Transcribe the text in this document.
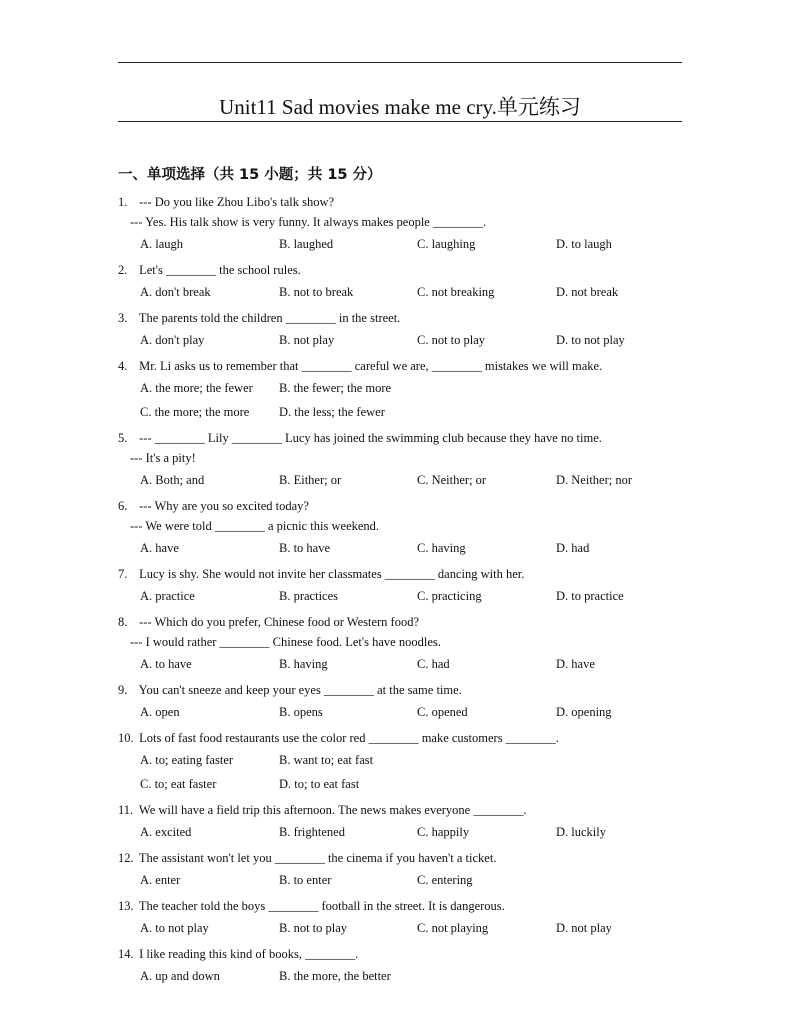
Unit11 Sad movies make me cry.单元练习
一、单项选择（共 15 小题；共 15 分）
1. --- Do you like Zhou Libo's talk show?
--- Yes. His talk show is very funny. It always makes people ________.
A. laugh	B. laughed	C. laughing	D. to laugh
2. Let's ________ the school rules.
A. don't break	B. not to break	C. not breaking	D. not break
3. The parents told the children ________ in the street.
A. don't play	B. not play	C. not to play	D. to not play
4. Mr. Li asks us to remember that ________ careful we are, ________ mistakes we will make.
A. the more; the fewer B. the fewer; the more
C. the more; the more D. the less; the fewer
5. --- ________ Lily ________ Lucy has joined the swimming club because they have no time.
--- It's a pity!
A. Both; and	B. Either; or	C. Neither; or	D. Neither; nor
6. --- Why are you so excited today?
--- We were told ________ a picnic this weekend.
A. have	B. to have	C. having	D. had
7. Lucy is shy. She would not invite her classmates ________ dancing with her.
A. practice	B. practices	C. practicing	D. to practice
8. --- Which do you prefer, Chinese food or Western food?
--- I would rather ________ Chinese food. Let's have noodles.
A. to have	B. having	C. had	D. have
9. You can't sneeze and keep your eyes ________ at the same time.
A. open	B. opens	C. opened	D. opening
10. Lots of fast food restaurants use the color red ________ make customers ________.
A. to; eating faster	B. want to; eat fast
C. to; eat faster	D. to; to eat fast
11. We will have a field trip this afternoon. The news makes everyone ________.
A. excited	B. frightened	C. happily	D. luckily
12. The assistant won't let you ________ the cinema if you haven't a ticket.
A. enter	B. to enter	C. entering
13. The teacher told the boys ________ football in the street. It is dangerous.
A. to not play	B. not to play	C. not playing	D. not play
14. I like reading this kind of books, ________.
A. up and down	B. the more, the better
